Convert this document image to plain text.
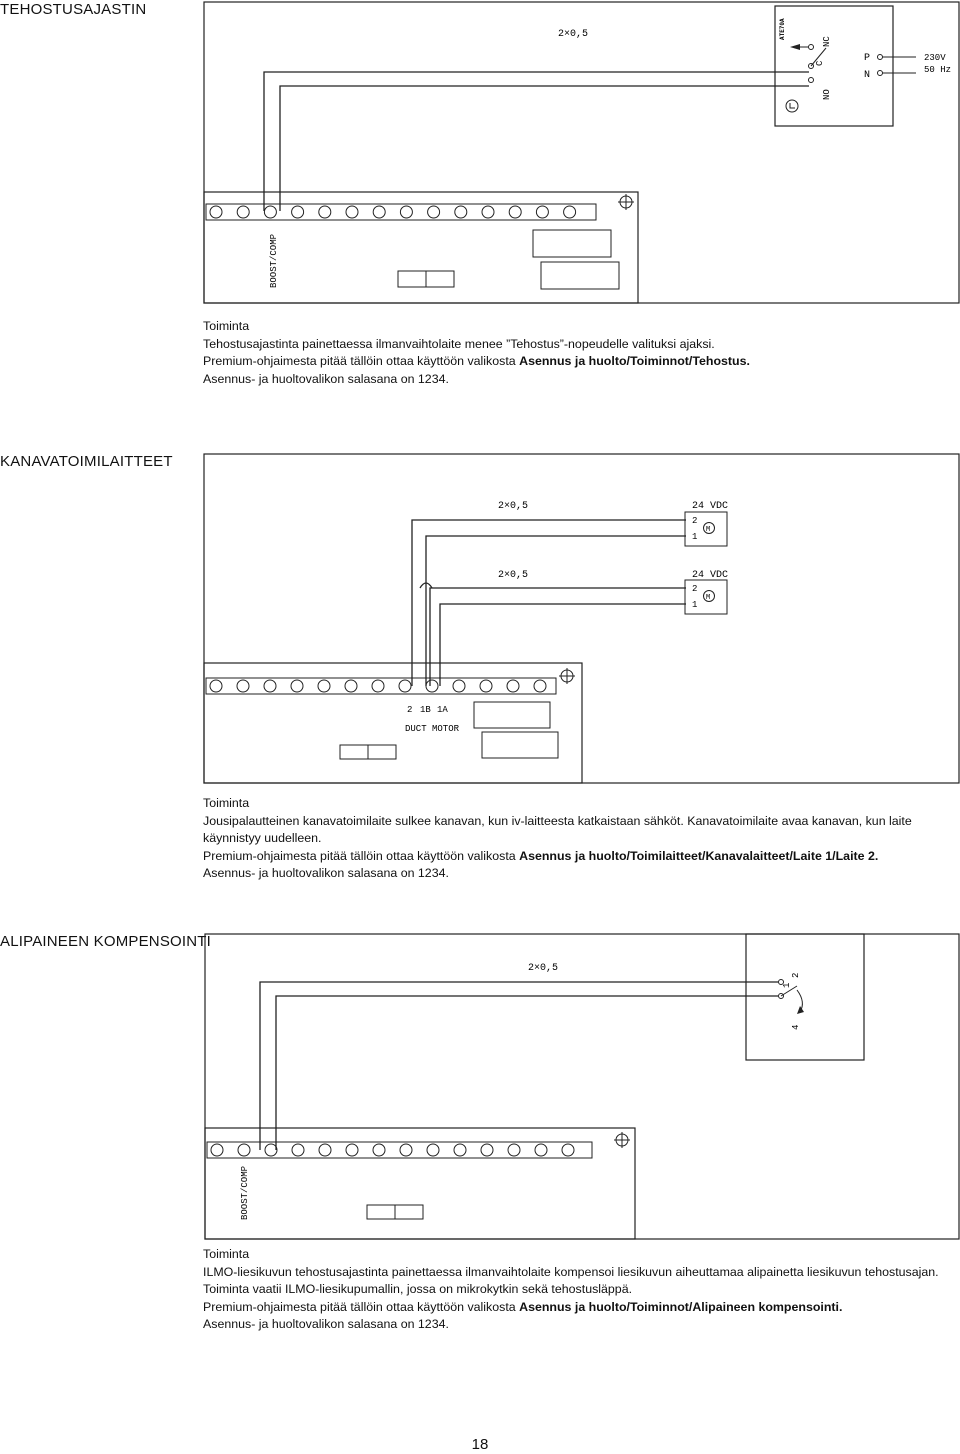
TEHOSTUSAJASTIN
2×0,5	ATE70A
NO
C
NC
P
N
230V
50 Hz
BOOST/COMP

Toiminta

Tehostusajastinta painettaessa ilmanvaihtolaite menee ”Tehostus”-nopeudelle valituksi ajaksi.

Premium-ohjaimesta pitää tällöin ottaa käyttöön valikosta Asennus ja huolto/Toiminnot/Tehostus.

Asennus- ja huoltovalikon salasana on 1234.

KANAVATOIMILAITTEET
2×0,5
2×0,5
24 VDC
24 VDC
2
1
2
1
M
M
2 1B 1A
DUCT MOTOR

Toiminta

Jousipalautteinen kanavatoimilaite sulkee kanavan, kun iv-laitteesta katkaistaan sähköt. Kanavatoimilaite avaa kanavan, kun laite käynnistyy uudelleen.

Premium-ohjaimesta pitää tällöin ottaa käyttöön valikosta Asennus ja huolto/Toimilaitteet/Kanavalaitteet/Laite 1/Laite 2.

Asennus- ja huoltovalikon salasana on 1234.

ALIPAINEEN KOMPENSOINTI
2×0,5
1
2
4
BOOST/COMP

Toiminta

ILMO-liesikuvun tehostusajastinta painettaessa ilmanvaihtolaite kompensoi liesikuvun aiheuttamaa alipainetta liesikuvun tehostusajan.

Toiminta vaatii ILMO-liesikupumallin, jossa on mikrokytkin sekä tehostusläppä.

Premium-ohjaimesta pitää tällöin ottaa käyttöön valikosta Asennus ja huolto/Toiminnot/Alipaineen kompensointi.

Asennus- ja huoltovalikon salasana on 1234.

18
